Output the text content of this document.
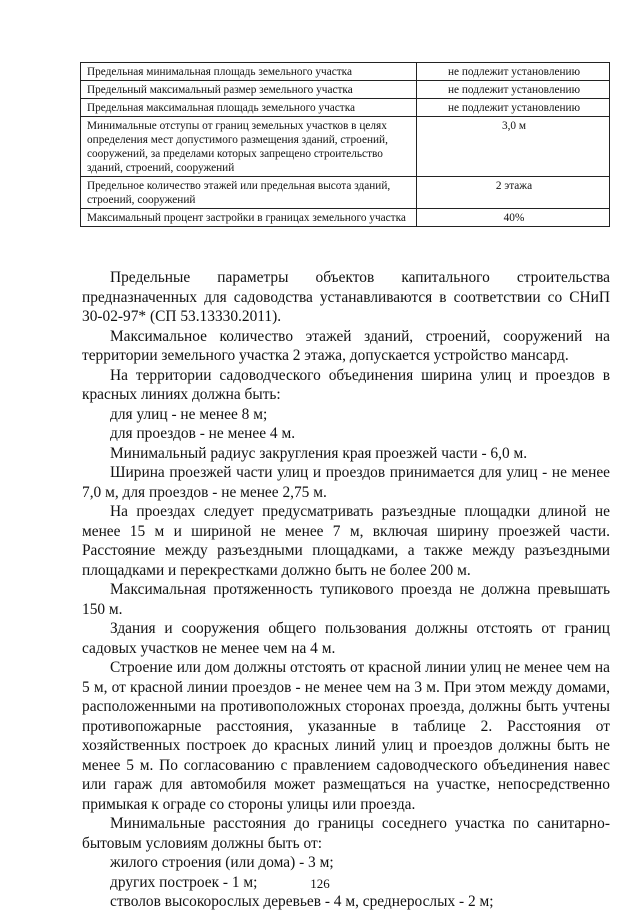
Предельная минимальная площадь земельного участка	не подлежит установлению
Предельный максимальный размер земельного участка	не подлежит установлению
Предельная максимальная площадь земельного участка	не подлежит установлению
Минимальные отступы от границ земельных участков в целях определения мест допустимого размещения зданий, строений, сооружений, за пределами которых запрещено строительство зданий, строений, сооружений	3,0 м
Предельное количество этажей или предельная высота зданий, строений, сооружений	2 этажа
Максимальный процент застройки в границах земельного участка	40%

Предельные параметры объектов капитального строительства предназначенных для садоводства устанавливаются в соответствии со СНиП 30-02-97* (СП 53.13330.2011).

Максимальное количество этажей зданий, строений, сооружений на территории земельного участка 2 этажа, допускается устройство мансард.

На территории садоводческого объединения ширина улиц и проездов в красных линиях должна быть:

для улиц - не менее 8 м;

для проездов - не менее 4 м.

Минимальный радиус закругления края проезжей части - 6,0 м.

Ширина проезжей части улиц и проездов принимается для улиц - не менее 7,0 м, для проездов - не менее 2,75 м.

На проездах следует предусматривать разъездные площадки длиной не менее 15 м и шириной не менее 7 м, включая ширину проезжей части. Расстояние между разъездными площадками, а также между разъездными площадками и перекрестками должно быть не более 200 м.

Максимальная протяженность тупикового проезда не должна превышать 150 м.

Здания и сооружения общего пользования должны отстоять от границ садовых участков не менее чем на 4 м.

Строение или дом должны отстоять от красной линии улиц не менее чем на 5 м, от красной линии проездов - не менее чем на 3 м. При этом между домами, расположенными на противоположных сторонах проезда, должны быть учтены противопожарные расстояния, указанные в таблице 2. Расстояния от хозяйственных построек до красных линий улиц и проездов должны быть не менее 5 м. По согласованию с правлением садоводческого объединения навес или гараж для автомобиля может размещаться на участке, непосредственно примыкая к ограде со стороны улицы или проезда.

Минимальные расстояния до границы соседнего участка по санитарно-бытовым условиям должны быть от:

жилого строения (или дома) - 3 м;

других построек - 1 м;

стволов высокорослых деревьев - 4 м, среднерослых - 2 м;

126
